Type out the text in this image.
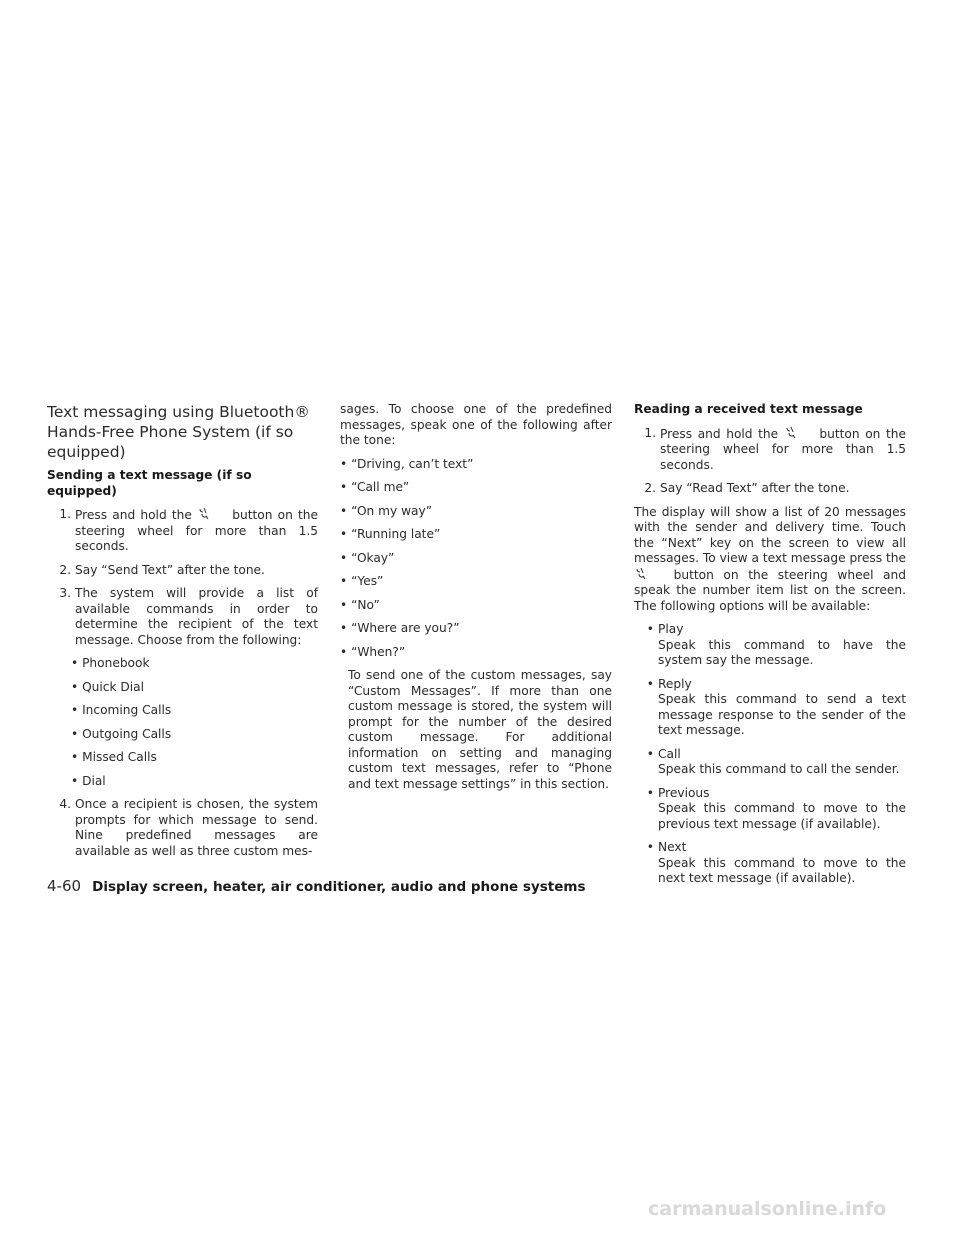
Text messaging using Bluetooth®
Hands-Free Phone System (if so
equipped)
Sending a text message (if so equipped)
1. Press and hold the	button on the steering wheel for more than 1.5 seconds.
2. Say “Send Text” after the tone.
3. The system will provide a list of available commands in order to determine the recipient of the text message. Choose from the following:
• Phonebook
• Quick Dial
• Incoming Calls
• Outgoing Calls
• Missed Calls
• Dial
4. Once a recipient is chosen, the system prompts for which message to send. Nine predefined messages are available as well as three custom mes-
sages. To choose one of the predefined messages, speak one of the following after the tone:
• “Driving, can’t text”
• “Call me”
• “On my way”
• “Running late”
• “Okay”
• “Yes”
• “No”
• “Where are you?”
• “When?”
To send one of the custom messages, say “Custom Messages”. If more than one custom message is stored, the system will prompt for the number of the desired custom message. For additional information on setting and managing custom text messages, refer to “Phone and text message settings” in this section.
Reading a received text message
1. Press and hold the	button on the steering wheel for more than 1.5 seconds.
2. Say “Read Text” after the tone.
The display will show a list of 20 messages with the sender and delivery time. Touch the “Next” key on the screen to view all messages. To view a text message press the  button on the steering wheel and speak the number item list on the screen. The following options will be available:
• Play
Speak this command to have the system say the message.
• Reply
Speak this command to send a text message response to the sender of the text message.
• Call
Speak this command to call the sender.
• Previous
Speak this command to move to the previous text message (if available).
• Next
Speak this command to move to the next text message (if available).
4-60 Display screen, heater, air conditioner, audio and phone systems
carmanualsonline.info
